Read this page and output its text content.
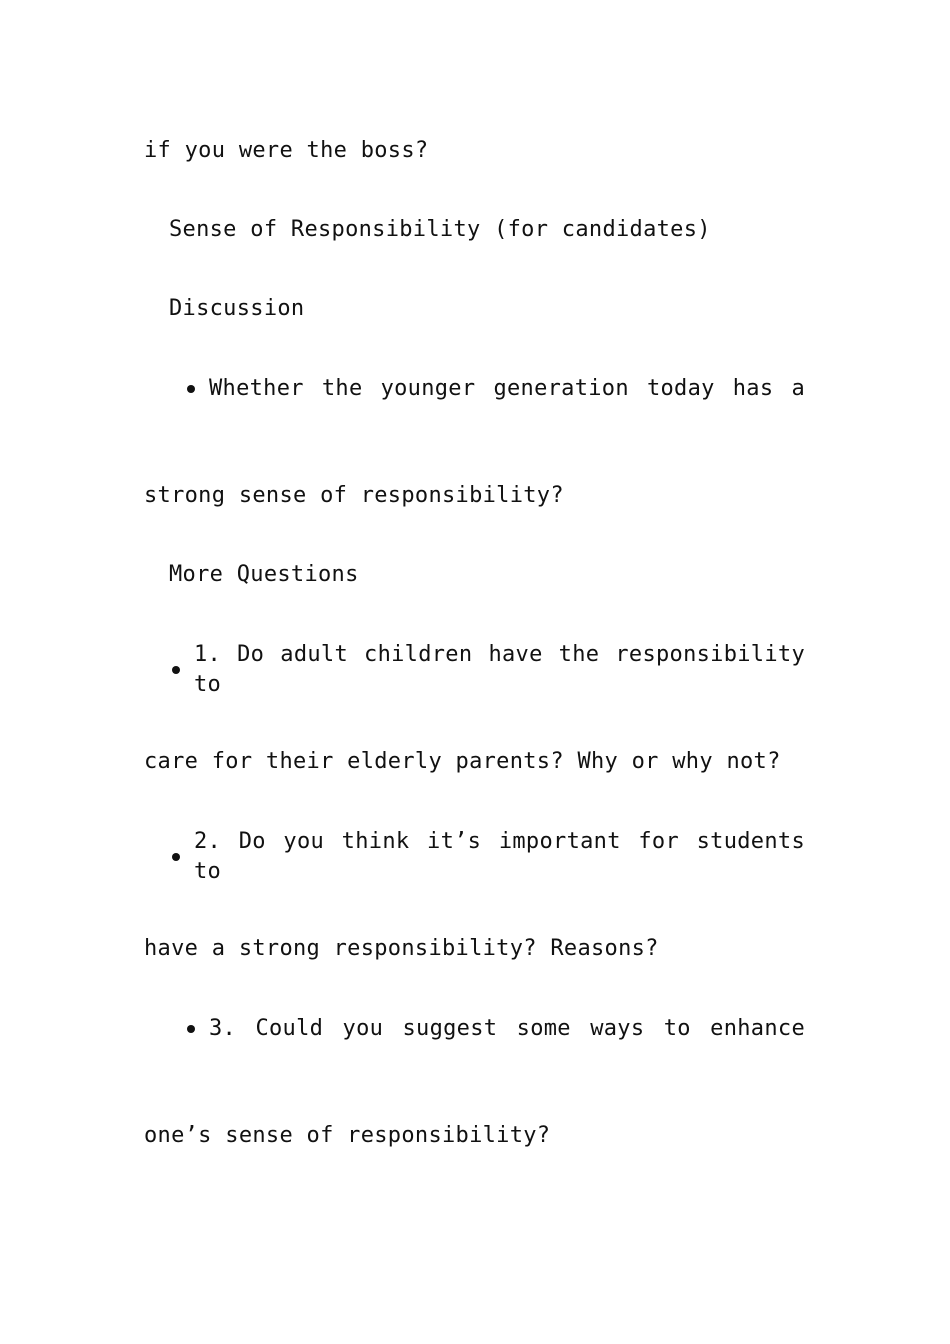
if you were the boss?
Sense of Responsibility (for candidates)
Discussion
Whether the younger generation today has a
strong sense of responsibility?
More Questions
1. Do adult children have the responsibility to
care for their elderly parents? Why or why not?
2. Do you think it’s important for students to
have a strong responsibility? Reasons?
3. Could you suggest some ways to enhance
one’s sense of responsibility?
